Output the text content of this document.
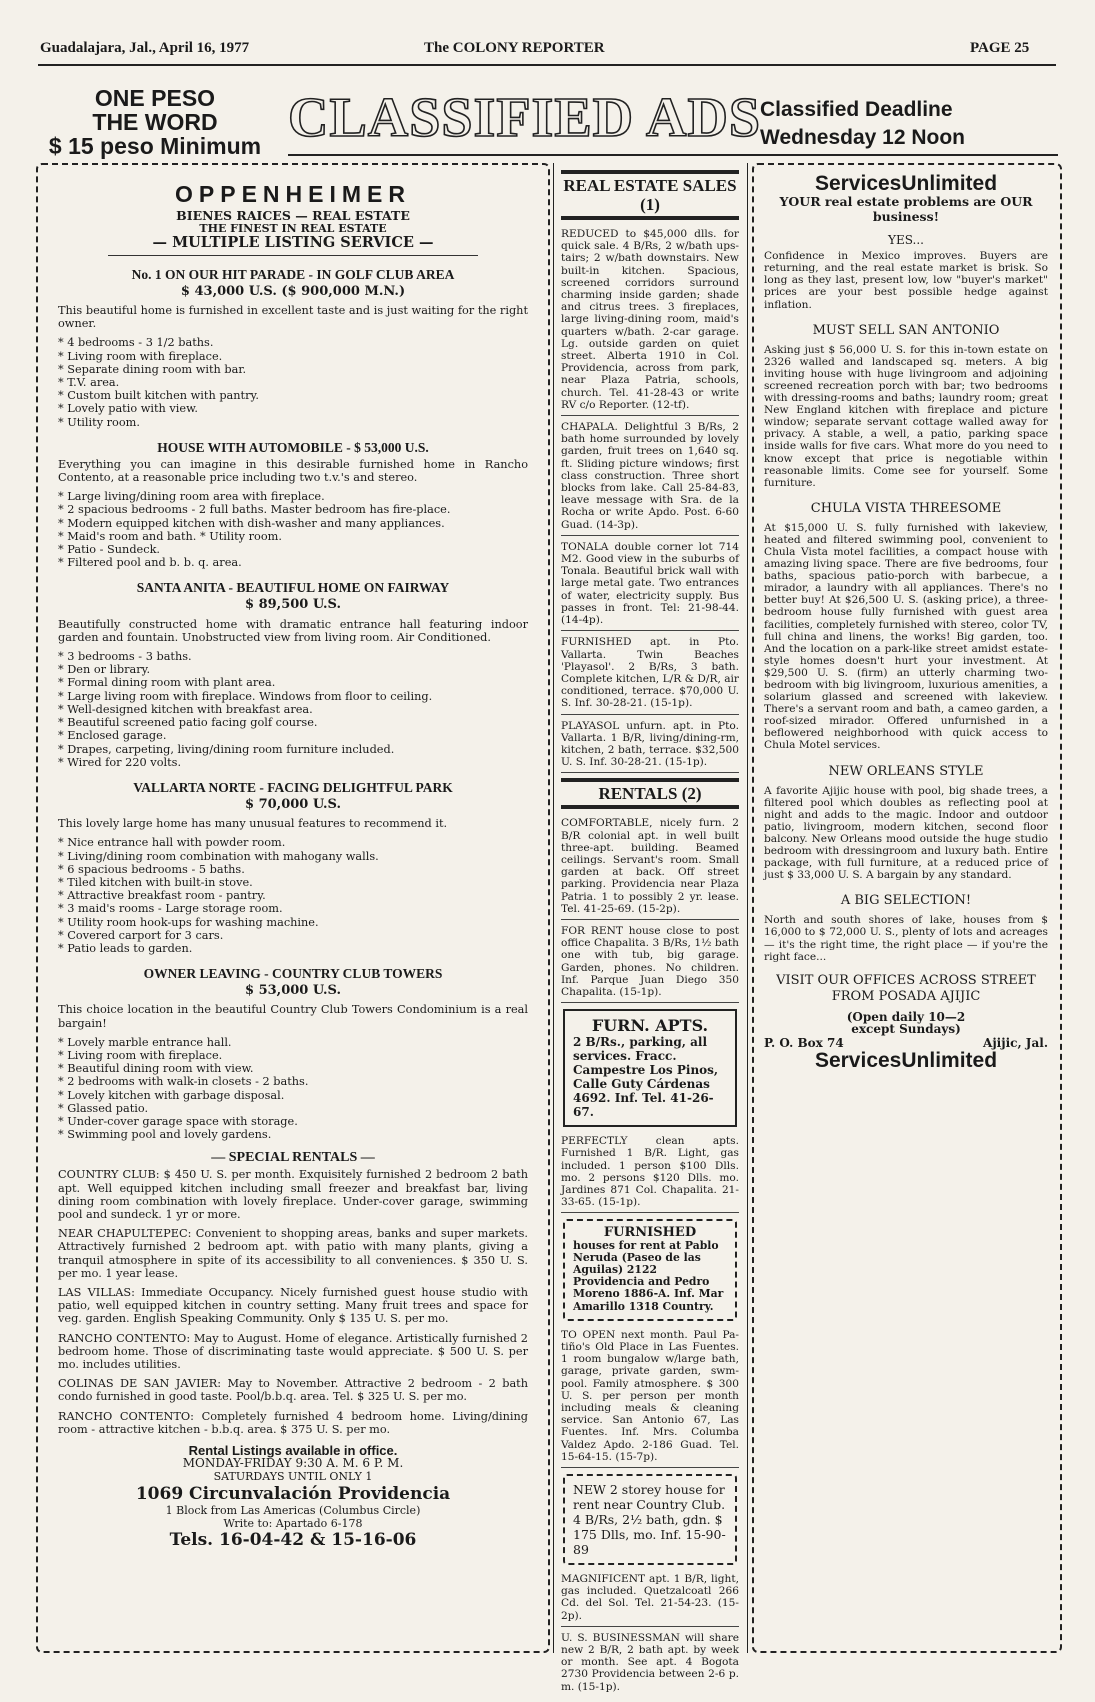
Guadalajara, Jal., April 16, 1977	The COLONY REPORTER	PAGE 25
ONE PESO
THE WORD
$ 15 peso Minimum CLASSIFIED ADS
Classified Deadline
Wednesday 12 Noon
OPPENHEIMER
BIENES RAICES — REAL ESTATE
THE FINEST IN REAL ESTATE
— MULTIPLE LISTING SERVICE —
No. 1 ON OUR HIT PARADE - IN GOLF CLUB AREA
$ 43,000 U.S. ($ 900,000 M.N.)

This beautiful home is furnished in excellent taste and is just waiting for the right owner.

* 4 bedrooms - 3 1/2 baths.
* Living room with fireplace.
* Separate dining room with bar.
* T.V. area.
* Custom built kitchen with pantry.
* Lovely patio with view.
* Utility room.
HOUSE WITH AUTOMOBILE - $ 53,000 U.S.

Everything you can imagine in this desirable furnished home in Rancho Contento, at a reasonable price including two t.v.'s and stereo.

* Large living/dining room area with fireplace.
* 2 spacious bedrooms - 2 full baths. Master bedroom has fire-place.
* Modern equipped kitchen with dish-washer and many appliances.
* Maid's room and bath. * Utility room.
* Patio - Sundeck.
* Filtered pool and b. b. q. area.
SANTA ANITA - BEAUTIFUL HOME ON FAIRWAY
$ 89,500 U.S.

Beautifully constructed home with dramatic entrance hall featuring indoor garden and fountain. Unobstructed view from living room. Air Conditioned.

* 3 bedrooms - 3 baths.
* Den or library.
* Formal dining room with plant area.
* Large living room with fireplace. Windows from floor to ceiling.
* Well-designed kitchen with breakfast area.
* Beautiful screened patio facing golf course.
* Enclosed garage.
* Drapes, carpeting, living/dining room furniture included.
* Wired for 220 volts.
VALLARTA NORTE - FACING DELIGHTFUL PARK
$ 70,000 U.S.

This lovely large home has many unusual features to recommend it.

* Nice entrance hall with powder room.
* Living/dining room combination with mahogany walls.
* 6 spacious bedrooms - 5 baths.
* Tiled kitchen with built-in stove.
* Attractive breakfast room - pantry.
* 3 maid's rooms - Large storage room.
* Utility room hook-ups for washing machine.
* Covered carport for 3 cars.
* Patio leads to garden.
OWNER LEAVING - COUNTRY CLUB TOWERS
$ 53,000 U.S.

This choice location in the beautiful Country Club Towers Condominium is a real bargain!

* Lovely marble entrance hall.
* Living room with fireplace.
* Beautiful dining room with view.
* 2 bedrooms with walk-in closets - 2 baths.
* Lovely kitchen with garbage disposal.
* Glassed patio.
* Under-cover garage space with storage.
* Swimming pool and lovely gardens.
— SPECIAL RENTALS —

COUNTRY CLUB: $ 450 U. S. per month. Exquisitely furnished 2 bedroom 2 bath apt. Well equipped kitchen including small freezer and breakfast bar, living dining room combination with lovely fireplace. Under-cover garage, swimming pool and sundeck. 1 yr or more.

NEAR CHAPULTEPEC: Convenient to shopping areas, banks and super markets. Attractively furnished 2 bedroom apt. with patio with many plants, giving a tranquil atmosphere in spite of its accessibility to all conveniences. $ 350 U. S. per mo. 1 year lease.

LAS VILLAS: Immediate Occupancy. Nicely furnished guest house studio with patio, well equipped kitchen in country setting. Many fruit trees and space for veg. garden. English Speaking Community. Only $ 135 U. S. per mo.

RANCHO CONTENTO: May to August. Home of elegance. Artistically furnished 2 bedroom home. Those of discriminating taste would appreciate. $ 500 U. S. per mo. includes utilities.

COLINAS DE SAN JAVIER: May to November. Attractive 2 bedroom - 2 bath condo furnished in good taste. Pool/b.b.q. area. Tel. $ 325 U. S. per mo.

RANCHO CONTENTO: Completely furnished 4 bedroom home. Living/dining room - attractive kitchen - b.b.q. area. $ 375 U. S. per mo.

Rental Listings available in office.
MONDAY-FRIDAY 9:30 A. M. 6 P. M.
SATURDAYS UNTIL ONLY 1
1069 Circunvalación Providencia
1 Block from Las Americas (Columbus Circle)
Write to: Apartado 6-178
Tels. 16-04-42 & 15-16-06
REAL ESTATE SALES (1)

REDUCED to $45,000 dlls. for quick sale. 4 B/Rs, 2 w/bath ups-tairs; 2 w/bath downstairs. New built-in kitchen. Spacious, screened corridors surround charming inside garden; shade and citrus trees. 3 fireplaces, large living-dining room, maid's quarters w/bath. 2-car garage. Lg. outside garden on quiet street. Alberta 1910 in Col. Providencia, across from park, near Plaza Patria, schools, church. Tel. 41-28-43 or write RV c/o Reporter. (12-tf).

CHAPALA. Delightful 3 B/Rs, 2 bath home surrounded by lovely garden, fruit trees on 1,640 sq. ft. Sliding picture windows; first class construction. Three short blocks from lake. Call 25-84-83, leave message with Sra. de la Rocha or write Apdo. Post. 6-60 Guad. (14-3p).

TONALA double corner lot 714 M2. Good view in the suburbs of Tonala. Beautiful brick wall with large metal gate. Two entrances of water, electricity supply. Bus passes in front. Tel: 21-98-44. (14-4p).

FURNISHED apt. in Pto. Vallarta. Twin Beaches 'Playasol'. 2 B/Rs, 3 bath. Complete kitchen, L/R & D/R, air conditioned, terrace. $70,000 U. S. Inf. 30-28-21. (15-1p).

PLAYASOL unfurn. apt. in Pto. Vallarta. 1 B/R, living/dining-rm, kitchen, 2 bath, terrace. $32,500 U. S. Inf. 30-28-21. (15-1p).

RENTALS (2)

COMFORTABLE, nicely furn. 2 B/R colonial apt. in well built three-apt. building. Beamed ceilings. Servant's room. Small garden at back. Off street parking. Providencia near Plaza Patria. 1 to possibly 2 yr. lease. Tel. 41-25-69. (15-2p).

FOR RENT house close to post office Chapalita. 3 B/Rs, 1½ bath one with tub, big garage. Garden, phones. No children. Inf. Parque Juan Diego 350 Chapalita. (15-1p).

FURN. APTS.
2 B/Rs., parking, all services. Fracc. Campestre Los Pinos, Calle Guty Cárdenas 4692. Inf. Tel. 41-26-67.

PERFECTLY clean apts. Furnished 1 B/R. Light, gas included. 1 person $100 Dlls. mo. 2 persons $120 Dlls. mo. Jardines 871 Col. Chapalita. 21-33-65. (15-1p).

FURNISHED
houses for rent at Pablo Neruda (Paseo de las Aguilas) 2122 Providencia and Pedro Moreno 1886-A. Inf. Mar Amarillo 1318 Country.

TO OPEN next month. Paul Pa-tiño's Old Place in Las Fuentes. 1 room bungalow w/large bath, garage, private garden, swm-pool. Family atmosphere. $ 300 U. S. per person per month including meals & cleaning service. San Antonio 67, Las Fuentes. Inf. Mrs. Columba Valdez Apdo. 2-186 Guad. Tel. 15-64-15. (15-7p).

NEW 2 storey house for rent near Country Club. 4 B/Rs, 2½ bath, gdn. $ 175 Dlls, mo. Inf. 15-90-89

MAGNIFICENT apt. 1 B/R, light, gas included. Quetzalcoatl 266 Cd. del Sol. Tel. 21-54-23. (15-2p).

U. S. BUSINESSMAN will share new 2 B/R, 2 bath apt. by week or month. See apt. 4 Bogota 2730 Providencia between 2-6 p. m. (15-1p).

ServicesUnlimited
YOUR real estate problems are OUR business!
YES...

Confidence in Mexico improves. Buyers are returning, and the real estate market is brisk. So long as they last, present low, low "buyer's market" prices are your best possible hedge against inflation.

MUST SELL SAN ANTONIO

Asking just $ 56,000 U. S. for this in-town estate on 2326 walled and landscaped sq. meters. A big inviting house with huge livingroom and adjoining screened recreation porch with bar; two bedrooms with dressing-rooms and baths; laundry room; great New England kitchen with fireplace and picture window; separate servant cottage walled away for privacy. A stable, a well, a patio, parking space inside walls for five cars. What more do you need to know except that price is negotiable within reasonable limits. Come see for yourself. Some furniture.

CHULA VISTA THREESOME

At $15,000 U. S. fully furnished with lakeview, heated and filtered swimming pool, convenient to Chula Vista motel facilities, a compact house with amazing living space. There are five bedrooms, four baths, spacious patio-porch with barbecue, a mirador, a laundry with all appliances. There's no better buy! At $26,500 U. S. (asking price), a three-bedroom house fully furnished with guest area facilities, completely furnished with stereo, color TV, full china and linens, the works! Big garden, too. And the location on a park-like street amidst estate-style homes doesn't hurt your investment. At $29,500 U. S. (firm) an utterly charming two-bedroom with big livingroom, luxurious amenities, a solarium glassed and screened with lakeview. There's a servant room and bath, a cameo garden, a roof-sized mirador. Offered unfurnished in a beflowered neighborhood with quick access to Chula Motel services.

NEW ORLEANS STYLE

A favorite Ajijic house with pool, big shade trees, a filtered pool which doubles as reflecting pool at night and adds to the magic. Indoor and outdoor patio, livingroom, modern kitchen, second floor balcony. New Orleans mood outside the huge studio bedroom with dressingroom and luxury bath. Entire package, with full furniture, at a reduced price of just $ 33,000 U. S. A bargain by any standard.

A BIG SELECTION!

North and south shores of lake, houses from $ 16,000 to $ 72,000 U. S., plenty of lots and acreages — it's the right time, the right place — if you're the right face...

VISIT OUR OFFICES ACROSS STREET FROM POSADA AJIJIC
(Open daily 10—2
except Sundays)
P. O. Box 74	Ajijic, Jal.
ServicesUnlimited
